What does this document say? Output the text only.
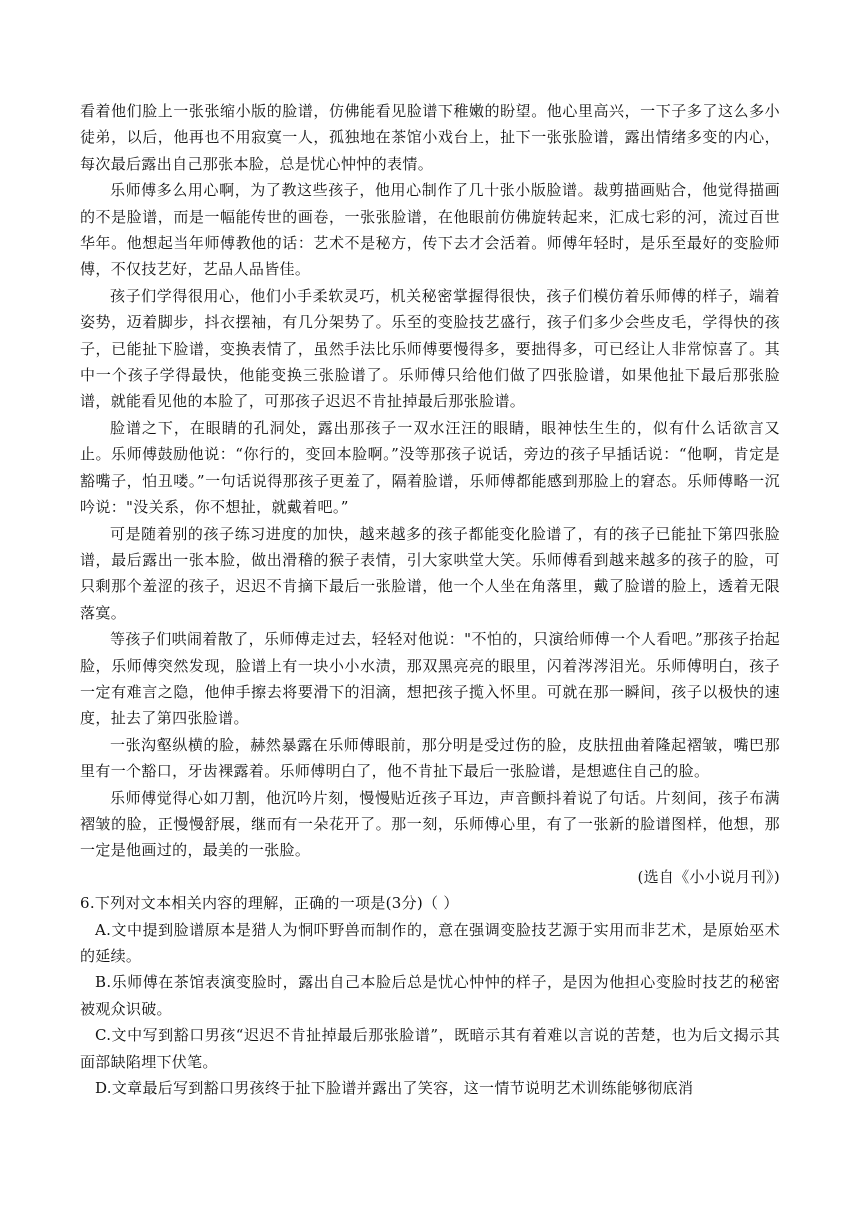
看着他们脸上一张张缩小版的脸谱，仿佛能看见脸谱下稚嫩的盼望。他心里高兴，一下子多了这么多小徒弟，以后，他再也不用寂寞一人，孤独地在茶馆小戏台上，扯下一张张脸谱，露出情绪多变的内心，每次最后露出自己那张本脸，总是忧心忡忡的表情。

乐师傅多么用心啊，为了教这些孩子，他用心制作了几十张小版脸谱。裁剪描画贴合，他觉得描画的不是脸谱，而是一幅能传世的画卷，一张张脸谱，在他眼前仿佛旋转起来，汇成七彩的河，流过百世华年。他想起当年师傅教他的话：艺术不是秘方，传下去才会活着。师傅年轻时，是乐至最好的变脸师傅，不仅技艺好，艺品人品皆佳。

孩子们学得很用心，他们小手柔软灵巧，机关秘密掌握得很快，孩子们模仿着乐师傅的样子，端着姿势，迈着脚步，抖衣摆袖，有几分架势了。乐至的变脸技艺盛行，孩子们多少会些皮毛，学得快的孩子，已能扯下脸谱，变换表情了，虽然手法比乐师傅要慢得多，要拙得多，可已经让人非常惊喜了。其中一个孩子学得最快，他能变换三张脸谱了。乐师傅只给他们做了四张脸谱，如果他扯下最后那张脸谱，就能看见他的本脸了，可那孩子迟迟不肯扯掉最后那张脸谱。

脸谱之下，在眼睛的孔洞处，露出那孩子一双水汪汪的眼睛，眼神怯生生的，似有什么话欲言又止。乐师傅鼓励他说：“你行的，变回本脸啊。”没等那孩子说话，旁边的孩子早插话说：“他啊，肯定是豁嘴子，怕丑喽。”一句话说得那孩子更羞了，隔着脸谱，乐师傅都能感到那脸上的窘态。乐师傅略一沉吟说："没关系，你不想扯，就戴着吧。”

可是随着别的孩子练习进度的加快，越来越多的孩子都能变化脸谱了，有的孩子已能扯下第四张脸谱，最后露出一张本脸，做出滑稽的猴子表情，引大家哄堂大笑。乐师傅看到越来越多的孩子的脸，可只剩那个羞涩的孩子，迟迟不肯摘下最后一张脸谱，他一个人坐在角落里，戴了脸谱的脸上，透着无限落寞。

等孩子们哄闹着散了，乐师傅走过去，轻轻对他说："不怕的，只演给师傅一个人看吧。”那孩子抬起脸，乐师傅突然发现，脸谱上有一块小小水渍，那双黑亮亮的眼里，闪着涔涔泪光。乐师傅明白，孩子一定有难言之隐，他伸手擦去将要滑下的泪滴，想把孩子揽入怀里。可就在那一瞬间，孩子以极快的速度，扯去了第四张脸谱。

一张沟壑纵横的脸，赫然暴露在乐师傅眼前，那分明是受过伤的脸，皮肤扭曲着隆起褶皱，嘴巴那里有一个豁口，牙齿裸露着。乐师傅明白了，他不肯扯下最后一张脸谱，是想遮住自己的脸。

乐师傅觉得心如刀割，他沉吟片刻，慢慢贴近孩子耳边，声音颤抖着说了句话。片刻间，孩子布满褶皱的脸，正慢慢舒展，继而有一朵花开了。那一刻，乐师傅心里，有了一张新的脸谱图样，他想，那一定是他画过的，最美的一张脸。

(选自《小小说月刊》)

6.下列对文本相关内容的理解，正确的一项是(3分)（ ）

A.文中提到脸谱原本是猎人为恫吓野兽而制作的，意在强调变脸技艺源于实用而非艺术，是原始巫术的延续。

B.乐师傅在茶馆表演变脸时，露出自己本脸后总是忧心忡忡的样子，是因为他担心变脸时技艺的秘密被观众识破。

C.文中写到豁口男孩“迟迟不肯扯掉最后那张脸谱”，既暗示其有着难以言说的苦楚，也为后文揭示其面部缺陷埋下伏笔。

D.文章最后写到豁口男孩终于扯下脸谱并露出了笑容，这一情节说明艺术训练能够彻底消
